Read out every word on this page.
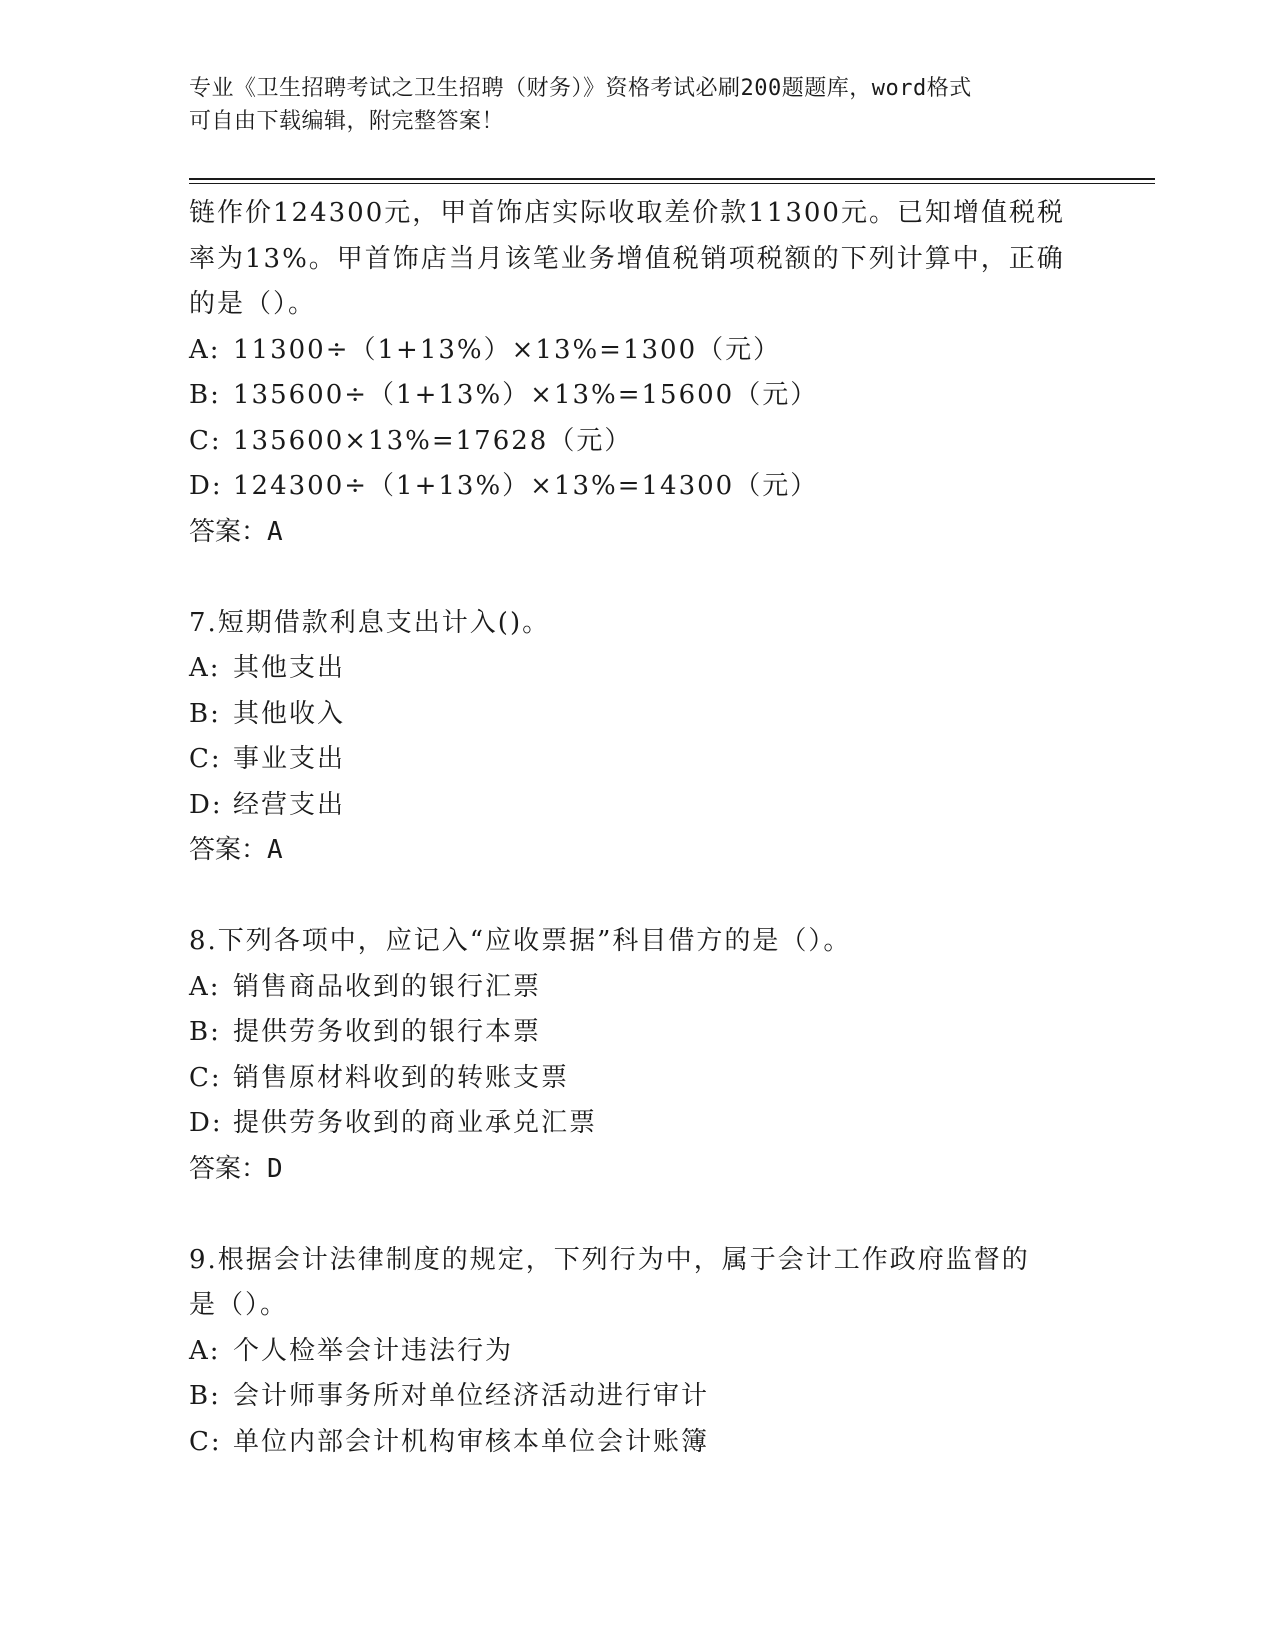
专业《卫生招聘考试之卫生招聘（财务）》资格考试必刷200题题库，word格式
可自由下载编辑，附完整答案！
链作价124300元，甲首饰店实际收取差价款11300元。已知增值税税
率为13%。甲首饰店当月该笔业务增值税销项税额的下列计算中，正确
的是（）。
A: 11300÷（1+13%）×13%=1300（元）
B: 135600÷（1+13%）×13%=15600（元）
C: 135600×13%=17628（元）
D: 124300÷（1+13%）×13%=14300（元）
答案：A
7.短期借款利息支出计入()。
A: 其他支出
B: 其他收入
C: 事业支出
D: 经营支出
答案：A
8.下列各项中，应记入“应收票据”科目借方的是（）。
A: 销售商品收到的银行汇票
B: 提供劳务收到的银行本票
C: 销售原材料收到的转账支票
D: 提供劳务收到的商业承兑汇票
答案：D
9.根据会计法律制度的规定，下列行为中，属于会计工作政府监督的
是（）。
A: 个人检举会计违法行为
B: 会计师事务所对单位经济活动进行审计
C: 单位内部会计机构审核本单位会计账簿
